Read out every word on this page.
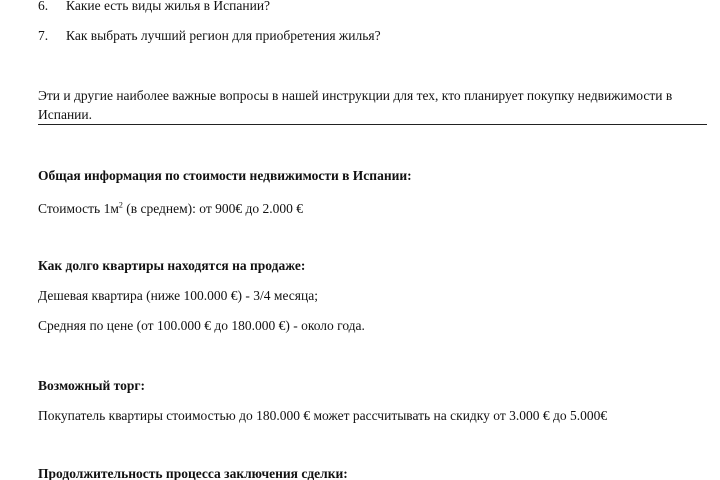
6. Какие есть виды жилья в Испании?
7. Как выбрать лучший регион для приобретения жилья?
Эти и другие наиболее важные вопросы в нашей инструкции для тех, кто планирует покупку недвижимости в Испании.
Общая информация по стоимости недвижимости в Испании:
Стоимость $1м^2$ (в среднем): от 900€ до 2.000 €
Как долго квартиры находятся на продаже:
Дешевая квартира (ниже 100.000 €) - 3/4 месяца;
Средняя по цене (от 100.000 € до 180.000 €) - около года.
Возможный торг:
Покупатель квартиры стоимостью до 180.000 € может рассчитывать на скидку от 3.000 € до 5.000€
Продолжительность процесса заключения сделки:
